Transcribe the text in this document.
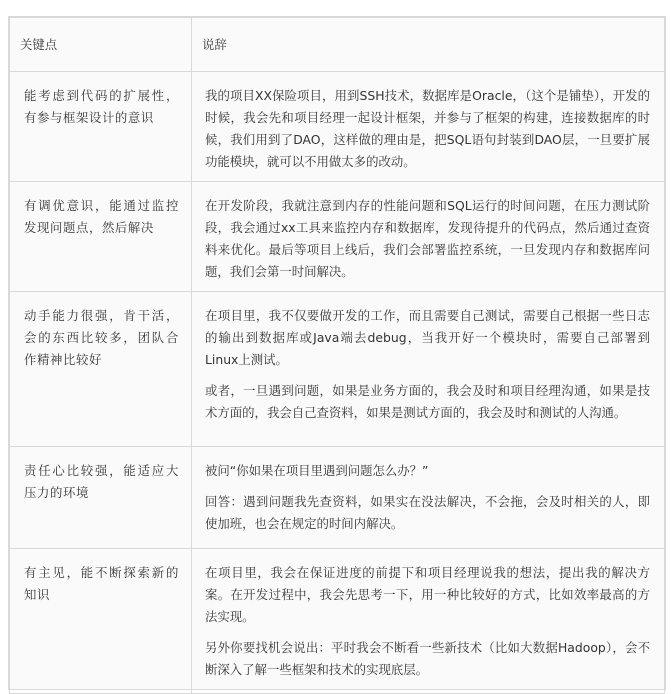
关键点	说辞
能考虑到代码的扩展性，有参与框架设计的意识	我的项目XX保险项目，用到SSH技术，数据库是Oracle，（这个是铺垫），开发的时候，我会先和项目经理一起设计框架，并参与了框架的构建，连接数据库的时候，我们用到了DAO，这样做的理由是，把SQL语句封装到DAO层，一旦要扩展功能模块，就可以不用做太多的改动。

有调优意识，能通过监控发现问题点，然后解决	在开发阶段，我就注意到内存的性能问题和SQL运行的时间问题，在压力测试阶段，我会通过xx工具来监控内存和数据库，发现待提升的代码点，然后通过查资料来优化。最后等项目上线后，我们会部署监控系统，一旦发现内存和数据库问题，我们会第一时间解决。

动手能力很强，肯干活，会的东西比较多，团队合作精神比较好	在项目里，我不仅要做开发的工作，而且需要自己测试，需要自己根据一些日志的输出到数据库或Java端去debug，当我开好一个模块时，需要自己部署到Linux上测试。

或者，一旦遇到问题，如果是业务方面的，我会及时和项目经理沟通，如果是技术方面的，我会自己查资料，如果是测试方面的，我会及时和测试的人沟通。

责任心比较强，能适应大压力的环境	被问“你如果在项目里遇到问题怎么办？”

回答：遇到问题我先查资料，如果实在没法解决，不会拖，会及时相关的人，即使加班，也会在规定的时间内解决。

有主见，能不断探索新的知识	在项目里，我会在保证进度的前提下和项目经理说我的想法，提出我的解决方案。在开发过程中，我会先思考一下，用一种比较好的方式，比如效率最高的方法实现。

另外你要找机会说出：平时我会不断看一些新技术（比如大数据Hadoop），会不断深入了解一些框架和技术的实现底层。
